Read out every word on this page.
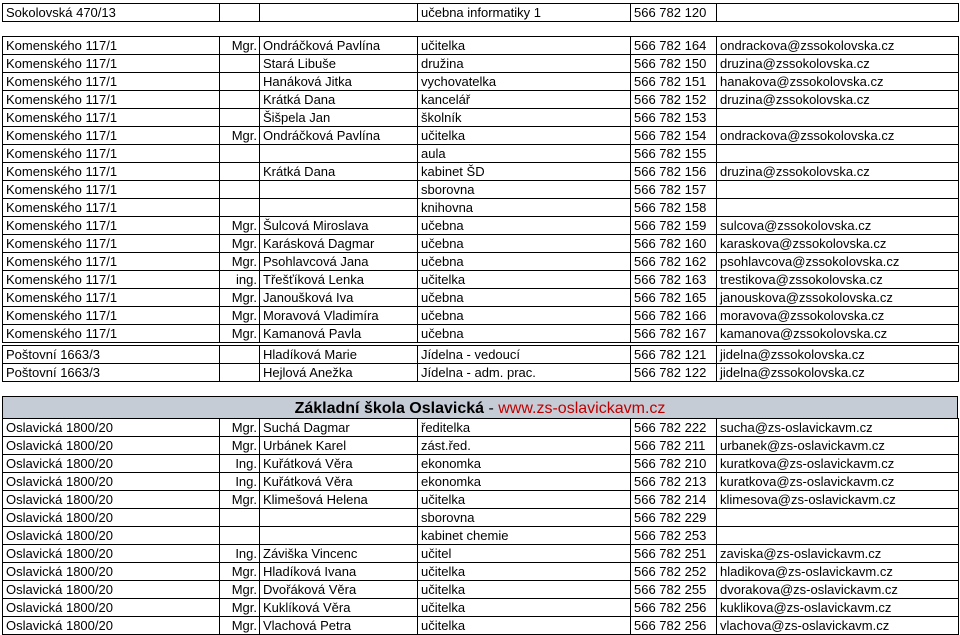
Sokolovská 470/13			učebna informatiky 1	566 782 120	
Komenského 117/1	Mgr.	Ondráčková Pavlína	učitelka	566 782 164	ondrackova@zssokolovska.cz
Komenského 117/1		Stará Libuše	družina	566 782 150	druzina@zssokolovska.cz
Komenského 117/1		Hanáková Jitka	vychovatelka	566 782 151	hanakova@zssokolovska.cz
Komenského 117/1		Krátká Dana	kancelář	566 782 152	druzina@zssokolovska.cz
Komenského 117/1		Šišpela Jan	školník	566 782 153	
Komenského 117/1	Mgr.	Ondráčková Pavlína	učitelka	566 782 154	ondrackova@zssokolovska.cz
Komenského 117/1			aula	566 782 155	
Komenského 117/1		Krátká Dana	kabinet ŠD	566 782 156	druzina@zssokolovska.cz
Komenského 117/1			sborovna	566 782 157	
Komenského 117/1			knihovna	566 782 158	
Komenského 117/1	Mgr.	Šulcová Miroslava	učebna	566 782 159	sulcova@zssokolovska.cz
Komenského 117/1	Mgr.	Karásková Dagmar	učebna	566 782 160	karaskova@zssokolovska.cz
Komenského 117/1	Mgr.	Psohlavcová Jana	učebna	566 782 162	psohlavcova@zssokolovska.cz
Komenského 117/1	ing.	Třešťíková Lenka	učitelka	566 782 163	trestikova@zssokolovska.cz
Komenského 117/1	Mgr.	Janoušková Iva	učebna	566 782 165	janouskova@zssokolovska.cz
Komenského 117/1	Mgr.	Moravová Vladimíra	učebna	566 782 166	moravova@zssokolovska.cz
Komenského 117/1	Mgr.	Kamanová Pavla	učebna	566 782 167	kamanova@zssokolovska.cz
Poštovní 1663/3		Hladíková Marie	Jídelna - vedoucí	566 782 121	jidelna@zssokolovska.cz
Poštovní 1663/3		Hejlová Anežka	Jídelna - adm. prac.	566 782 122	jidelna@zssokolovska.cz
Základní škola Oslavická - www.zs-oslavickavm.cz
Oslavická 1800/20	Mgr.	Suchá Dagmar	ředitelka	566 782 222	sucha@zs-oslavickavm.cz
Oslavická 1800/20	Mgr.	Urbánek Karel	zást.řed.	566 782 211	urbanek@zs-oslavickavm.cz
Oslavická 1800/20	Ing.	Kuřátková Věra	ekonomka	566 782 210	kuratkova@zs-oslavickavm.cz
Oslavická 1800/20	Ing.	Kuřátková Věra	ekonomka	566 782 213	kuratkova@zs-oslavickavm.cz
Oslavická 1800/20	Mgr.	Klimešová Helena	učitelka	566 782 214	klimesova@zs-oslavickavm.cz
Oslavická 1800/20			sborovna	566 782 229	
Oslavická 1800/20			kabinet chemie	566 782 253	
Oslavická 1800/20	Ing.	Záviška Vincenc	učitel	566 782 251	zaviska@zs-oslavickavm.cz
Oslavická 1800/20	Mgr.	Hladíková Ivana	učitelka	566 782 252	hladikova@zs-oslavickavm.cz
Oslavická 1800/20	Mgr.	Dvořáková Věra	učitelka	566 782 255	dvorakova@zs-oslavickavm.cz
Oslavická 1800/20	Mgr.	Kuklíková Věra	učitelka	566 782 256	kuklikova@zs-oslavickavm.cz
Oslavická 1800/20	Mgr.	Vlachová Petra	učitelka	566 782 256	vlachova@zs-oslavickavm.cz
